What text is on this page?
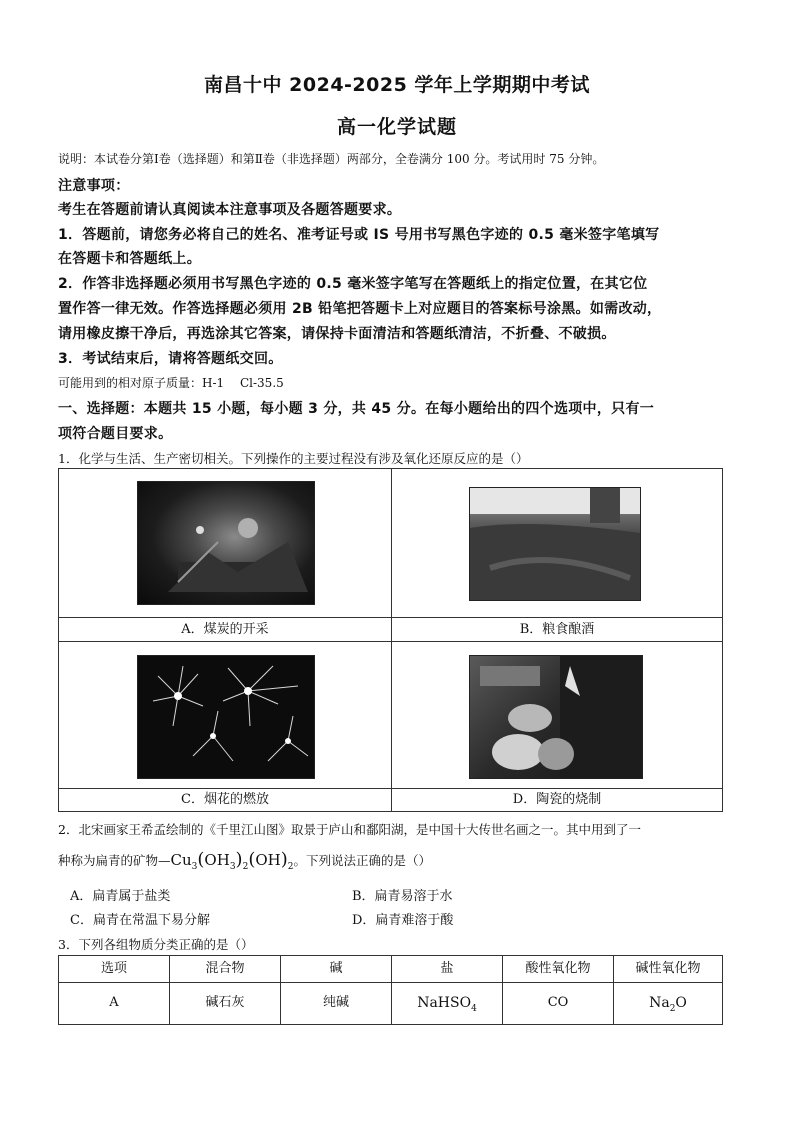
南昌十中 2024-2025 学年上学期期中考试
高一化学试题
说明：本试卷分第Ⅰ卷（选择题）和第Ⅱ卷（非选择题）两部分，全卷满分 100 分。考试用时 75 分钟。
注意事项：
考生在答题前请认真阅读本注意事项及各题答题要求。
1．答题前，请您务必将自己的姓名、准考证号或 IS 号用书写黑色字迹的 0.5 毫米签字笔填写
在答题卡和答题纸上。
2．作答非选择题必须用书写黑色字迹的 0.5 毫米签字笔写在答题纸上的指定位置，在其它位
置作答一律无效。作答选择题必须用 2B 铅笔把答题卡上对应题目的答案标号涂黑。如需改动，
请用橡皮擦干净后，再选涂其它答案，请保持卡面清洁和答题纸清洁，不折叠、不破损。
3．考试结束后，请将答题纸交回。
可能用到的相对原子质量：H-1　 Cl-35.5
一、选择题：本题共 15 小题，每小题 3 分，共 45 分。在每小题给出的四个选项中，只有一
项符合题目要求。
1．化学与生活、生产密切相关。下列操作的主要过程没有涉及氧化还原反应的是（）
A．煤炭的开采	B．粮食酿酒
C．烟花的燃放	D．陶瓷的烧制
2．北宋画家王希孟绘制的《千里江山图》取景于庐山和鄱阳湖，是中国十大传世名画之一。其中用到了一
种称为扁青的矿物$—Cu_3(OH_3)_2(OH)_2$。下列说法正确的是（）
A．扁青属于盐类	B．扁青易溶于水
C．扁青在常温下易分解	D．扁青难溶于酸
3．下列各组物质分类正确的是（）
选项	混合物	碱	盐	酸性氧化物	碱性氧化物
A	碱石灰	纯碱	NaHSO$_4$	CO	$Na_2O$
